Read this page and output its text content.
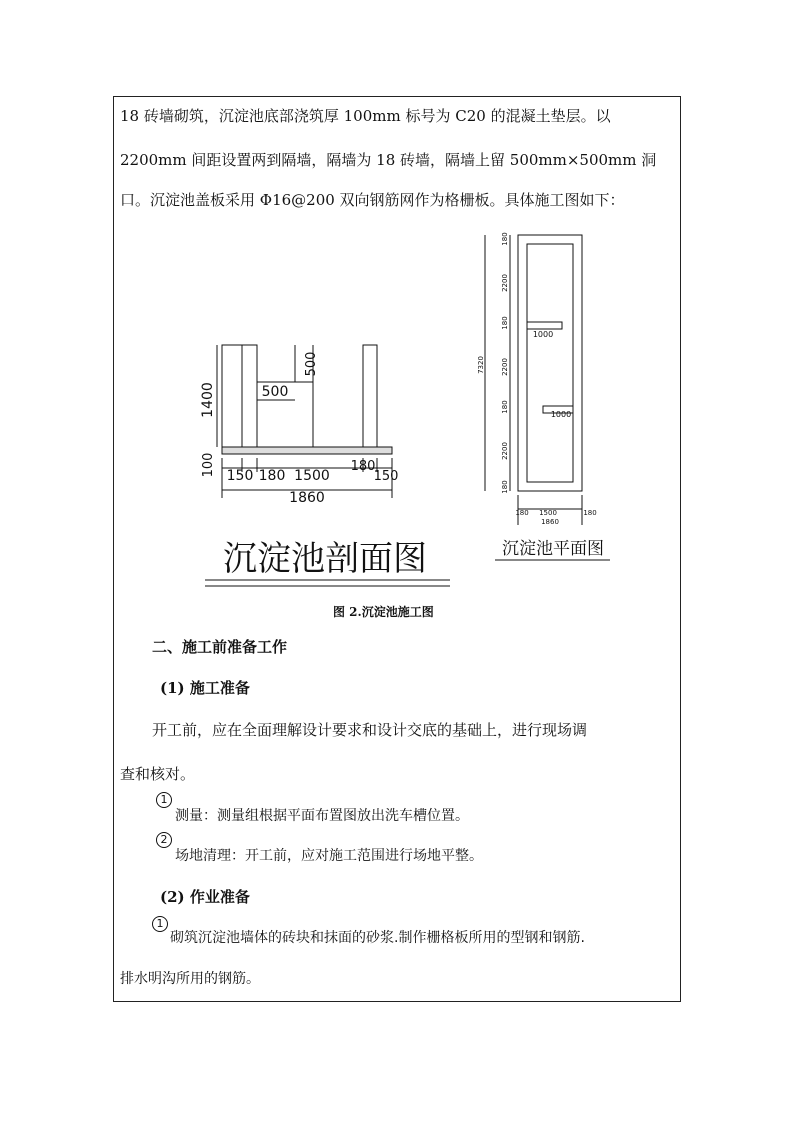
18 砖墙砌筑，沉淀池底部浇筑厚 100mm 标号为 C20 的混凝土垫层。以
2200mm 间距设置两到隔墙，隔墙为 18 砖墙，隔墙上留 500mm×500mm 洞
口。沉淀池盖板采用 Φ16@200 双向钢筋网作为格栅板。具体施工图如下：
1400
100
500
500
150 180 1500
180
150
1860
沉淀池剖面图
1000
1000
7320
180
2200
180
2200
180
2200
180
180 1500	180
1860
沉淀池平面图
图 2.沉淀池施工图
二、施工前准备工作
(1) 施工准备
开工前，应在全面理解设计要求和设计交底的基础上，进行现场调
查和核对。
1
测量：测量组根据平面布置图放出洗车槽位置。
2
场地清理：开工前，应对施工范围进行场地平整。
(2) 作业准备
1
砌筑沉淀池墙体的砖块和抹面的砂浆.制作栅格板所用的型钢和钢筋.
排水明沟所用的钢筋。
